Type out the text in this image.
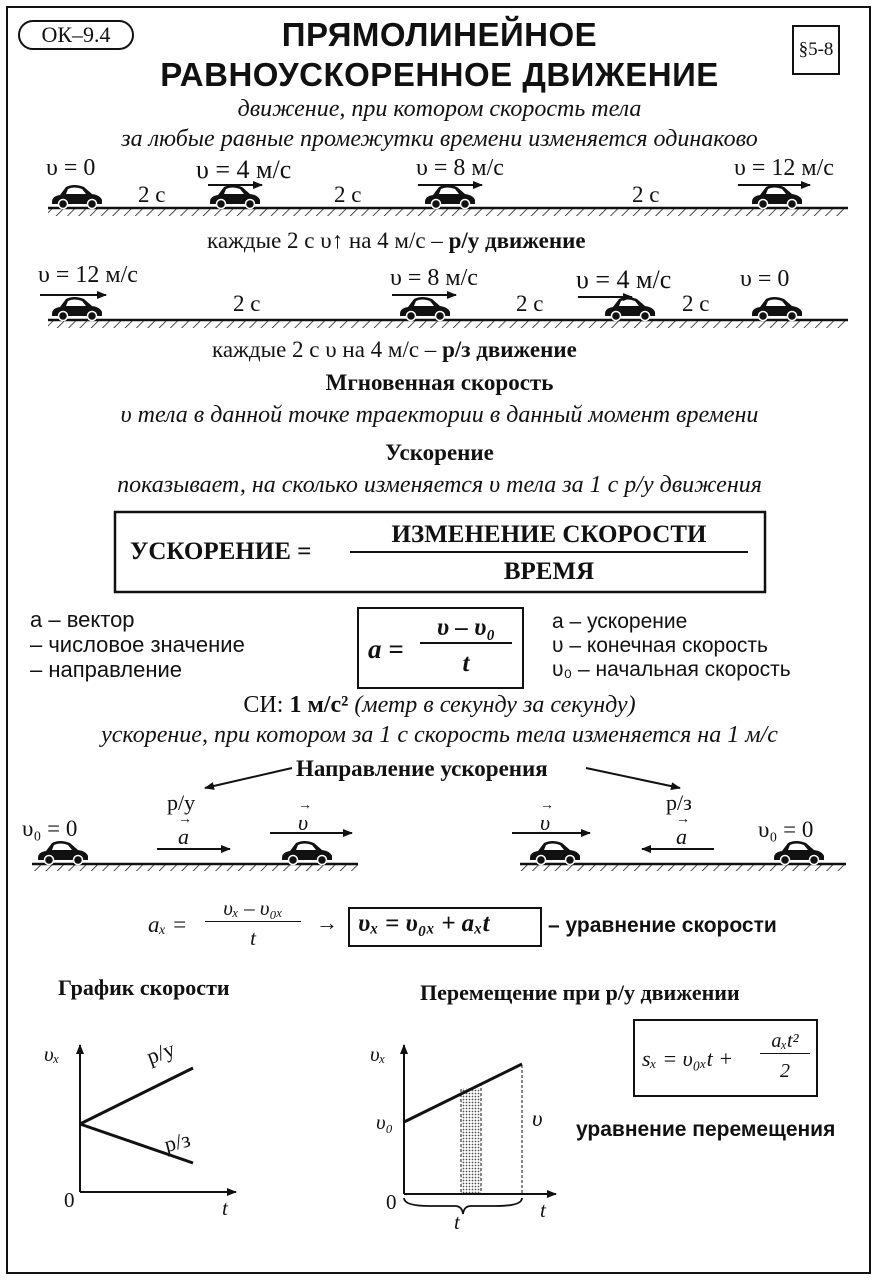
ОК–9.4	ПРЯМОЛИНЕЙНОЕ
РАВНОУСКОРЕННОЕ ДВИЖЕНИЕ
§5-8
движение, при котором скорость тела
за любые равные промежутки времени изменяется одинаково
υ = 0	υ = 4 м/с	υ = 8 м/с	υ = 12 м/с
2 с	2 с	2 с
каждые 2 с υ↑ на 4 м/с – р/у движение
υ = 12 м/с	υ = 8 м/с	υ = 4 м/с	υ = 0
2 с	2 с	2 с
каждые 2 с υ на 4 м/с – р/з движение
Мгновенная скорость
υ тела в данной точке траектории в данный момент времени
Ускорение
показывает, на сколько изменяется υ тела за 1 с р/у движения
УСКОРЕНИЕ =
ИЗМЕНЕНИЕ СКОРОСТИ
ВРЕМЯ
а – вектор
– числовое значение
– направление
a =
υ – υ₀
t
a – ускорение
υ – конечная скорость
υ₀ – начальная скорость
СИ: 1 м/с² (метр в секунду за секунду)
ускорение, при котором за 1 с скорость тела изменяется на 1 м/с
Направление ускорения
р/у	р/з
υ₀ = 0	υ₀ = 0
a
υ	υ
a
→
→	→
→
aₓ =
υₓ – υ₀ₓ
t
→ υₓ = υ₀ₓ + aₓt	– уравнение скорости
График скорости	Перемещение при р/у движении
υₓ
t
0
р/у
р/з
υₓ
t
0
υ₀	υ
t
sₓ = υ₀ₓt +
aₓt²
2
уравнение перемещения
